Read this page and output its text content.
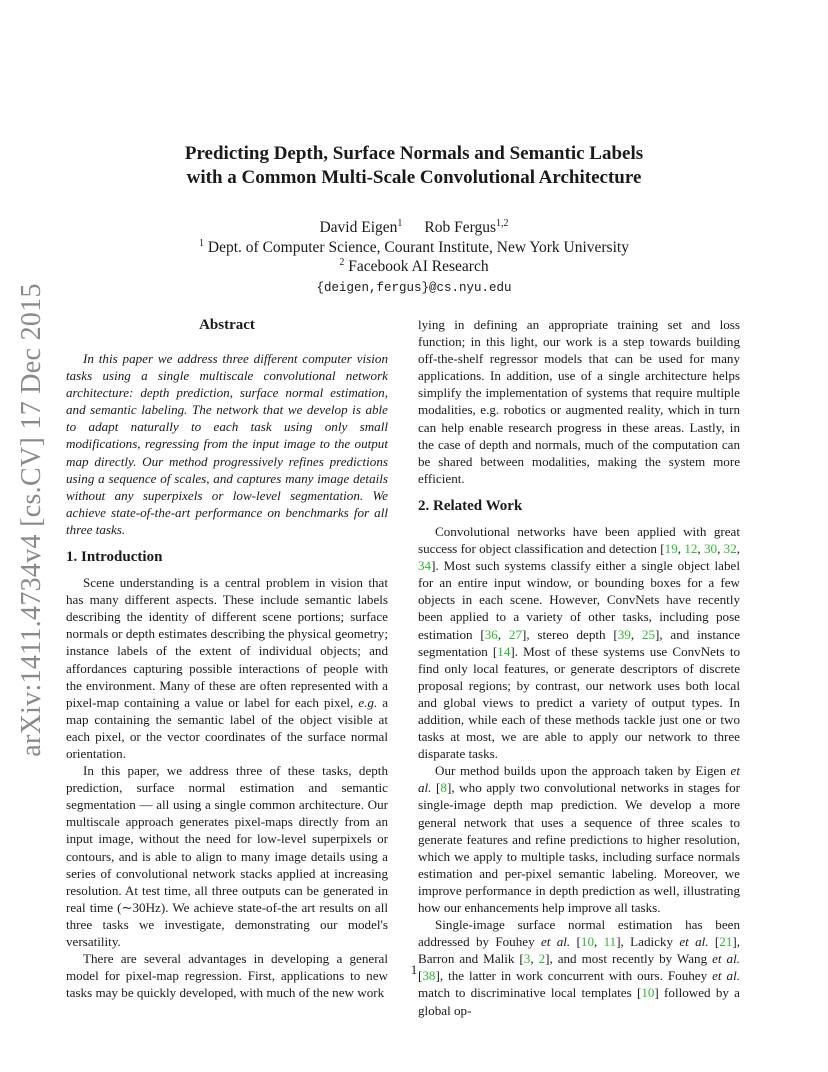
arXiv:1411.4734v4 [cs.CV] 17 Dec 2015
Predicting Depth, Surface Normals and Semantic Labels
with a Common Multi-Scale Convolutional Architecture
David Eigen$^1$ Rob Fergus$^{1,2}$
$^1$ Dept. of Computer Science, Courant Institute, New York University
$^2$ Facebook AI Research
{deigen,fergus}@cs.nyu.edu
Abstract

In this paper we address three different computer vision tasks using a single multiscale convolutional network architecture: depth prediction, surface normal estimation, and semantic labeling. The network that we develop is able to adapt naturally to each task using only small modifications, regressing from the input image to the output map directly. Our method progressively refines predictions using a sequence of scales, and captures many image details without any superpixels or low-level segmentation. We achieve state-of-the-art performance on benchmarks for all three tasks.

1. Introduction

Scene understanding is a central problem in vision that has many different aspects. These include semantic labels describing the identity of different scene portions; surface normals or depth estimates describing the physical geometry; instance labels of the extent of individual objects; and affordances capturing possible interactions of people with the environment. Many of these are often represented with a pixel-map containing a value or label for each pixel, e.g. a map containing the semantic label of the object visible at each pixel, or the vector coordinates of the surface normal orientation.

In this paper, we address three of these tasks, depth prediction, surface normal estimation and semantic segmentation — all using a single common architecture. Our multiscale approach generates pixel-maps directly from an input image, without the need for low-level superpixels or contours, and is able to align to many image details using a series of convolutional network stacks applied at increasing resolution. At test time, all three outputs can be generated in real time (∼30Hz). We achieve state-of-the art results on all three tasks we investigate, demonstrating our model's versatility.

There are several advantages in developing a general model for pixel-map regression. First, applications to new tasks may be quickly developed, with much of the new work

lying in defining an appropriate training set and loss function; in this light, our work is a step towards building off-the-shelf regressor models that can be used for many applications. In addition, use of a single architecture helps simplify the implementation of systems that require multiple modalities, e.g. robotics or augmented reality, which in turn can help enable research progress in these areas. Lastly, in the case of depth and normals, much of the computation can be shared between modalities, making the system more efficient.

2. Related Work

Convolutional networks have been applied with great success for object classification and detection [19, 12, 30, 32, 34]. Most such systems classify either a single object label for an entire input window, or bounding boxes for a few objects in each scene. However, ConvNets have recently been applied to a variety of other tasks, including pose estimation [36, 27], stereo depth [39, 25], and instance segmentation [14]. Most of these systems use ConvNets to find only local features, or generate descriptors of discrete proposal regions; by contrast, our network uses both local and global views to predict a variety of output types. In addition, while each of these methods tackle just one or two tasks at most, we are able to apply our network to three disparate tasks.

Our method builds upon the approach taken by Eigen et al. [8], who apply two convolutional networks in stages for single-image depth map prediction. We develop a more general network that uses a sequence of three scales to generate features and refine predictions to higher resolution, which we apply to multiple tasks, including surface normals estimation and per-pixel semantic labeling. Moreover, we improve performance in depth prediction as well, illustrating how our enhancements help improve all tasks.

Single-image surface normal estimation has been addressed by Fouhey et al. [10, 11], Ladicky et al. [21], Barron and Malik [3, 2], and most recently by Wang et al. [38], the latter in work concurrent with ours. Fouhey et al. match to discriminative local templates [10] followed by a global op-

1
